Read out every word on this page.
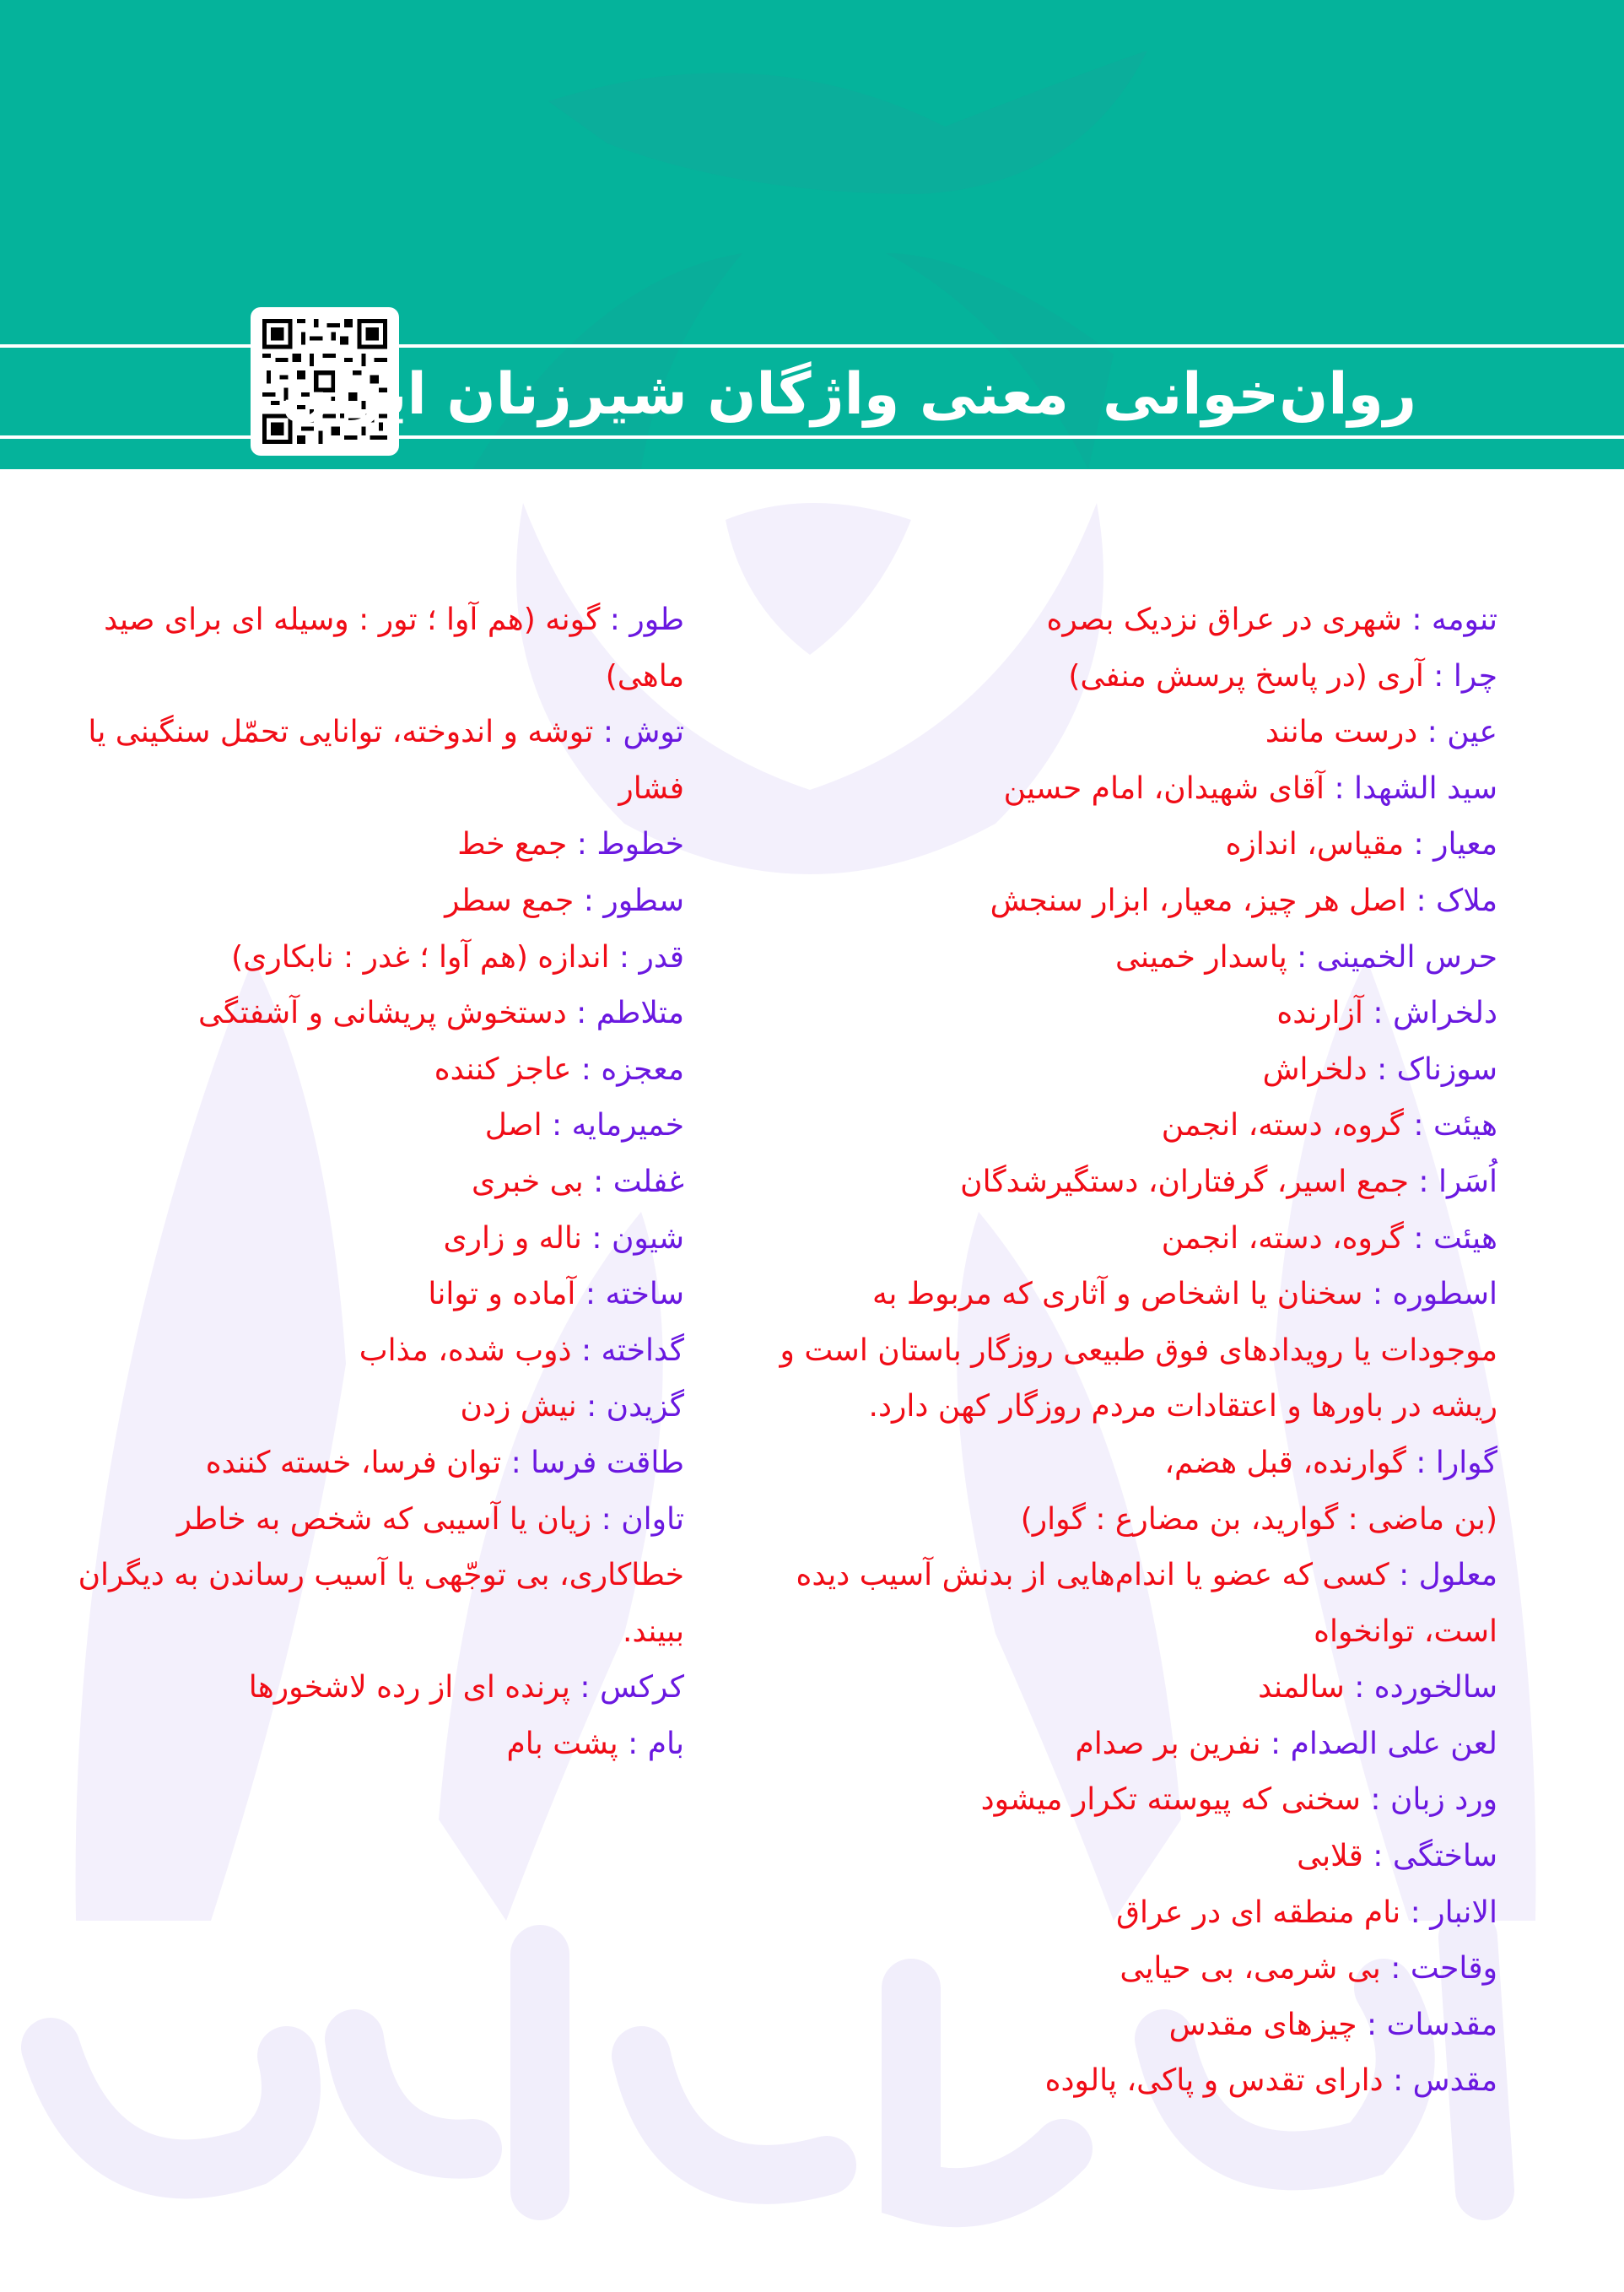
روان‌خوانیمعنی واژگان شیرزنان ایران
تنومه : شهری در عراق نزدیک بصره
چرا : آری (در پاسخ پرسش منفی)
عین : درست مانند
سید الشهدا : آقای شهیدان، امام حسین
معیار : مقیاس، اندازه
ملاک : اصل هر چیز، معیار، ابزار سنجش
حرس الخمینی : پاسدار خمینی
دلخراش : آزارنده
سوزناک : دلخراش
هیئت : گروه، دسته، انجمن
اُسَرا : جمع اسیر، گرفتاران، دستگیرشدگان
هیئت : گروه، دسته، انجمن
اسطوره : سخنان یا اشخاص و آثاری که مربوط به موجودات یا رویدادهای فوق طبیعی روزگار باستان است و ریشه در باورها و اعتقادات مردم روزگار کهن دارد.
گوارا : گوارنده، قبل هضم،
(بن ماضی : گوارید، بن مضارع : گوار)
معلول : کسی که عضو یا اندام‌هایی از بدنش آسیب دیده است، توانخواه
سالخورده : سالمند
لعن علی الصدام : نفرین بر صدام
ورد زبان : سخنی که پیوسته تکرار میشود
ساختگی : قلابی
الانبار : نام منطقه ای در عراق
وقاحت : بی شرمی، بی حیایی
مقدسات : چیزهای مقدس
مقدس : دارای تقدس و پاکی، پالوده
طور : گونه (هم آوا ؛ تور : وسیله ای برای صید ماهی)
توش : توشه و اندوخته، توانایی تحمّل سنگینی یا فشار
خطوط : جمع خط
سطور : جمع سطر
قدر : اندازه (هم آوا ؛ غدر : نابکاری)
متلاطم : دستخوش پریشانی و آشفتگی
معجزه : عاجز کننده
خمیرمایه : اصل
غفلت : بی خبری
شیون : ناله و زاری
ساخته : آماده و توانا
گداخته : ذوب شده، مذاب
گزیدن : نیش زدن
طاقت فرسا : توان فرسا، خسته کننده
تاوان : زیان یا آسیبی که شخص به خاطر خطاکاری، بی توجّهی یا آسیب رساندن به دیگران ببیند.
کرکس : پرنده ای از رده لاشخورها
بام : پشت بام
